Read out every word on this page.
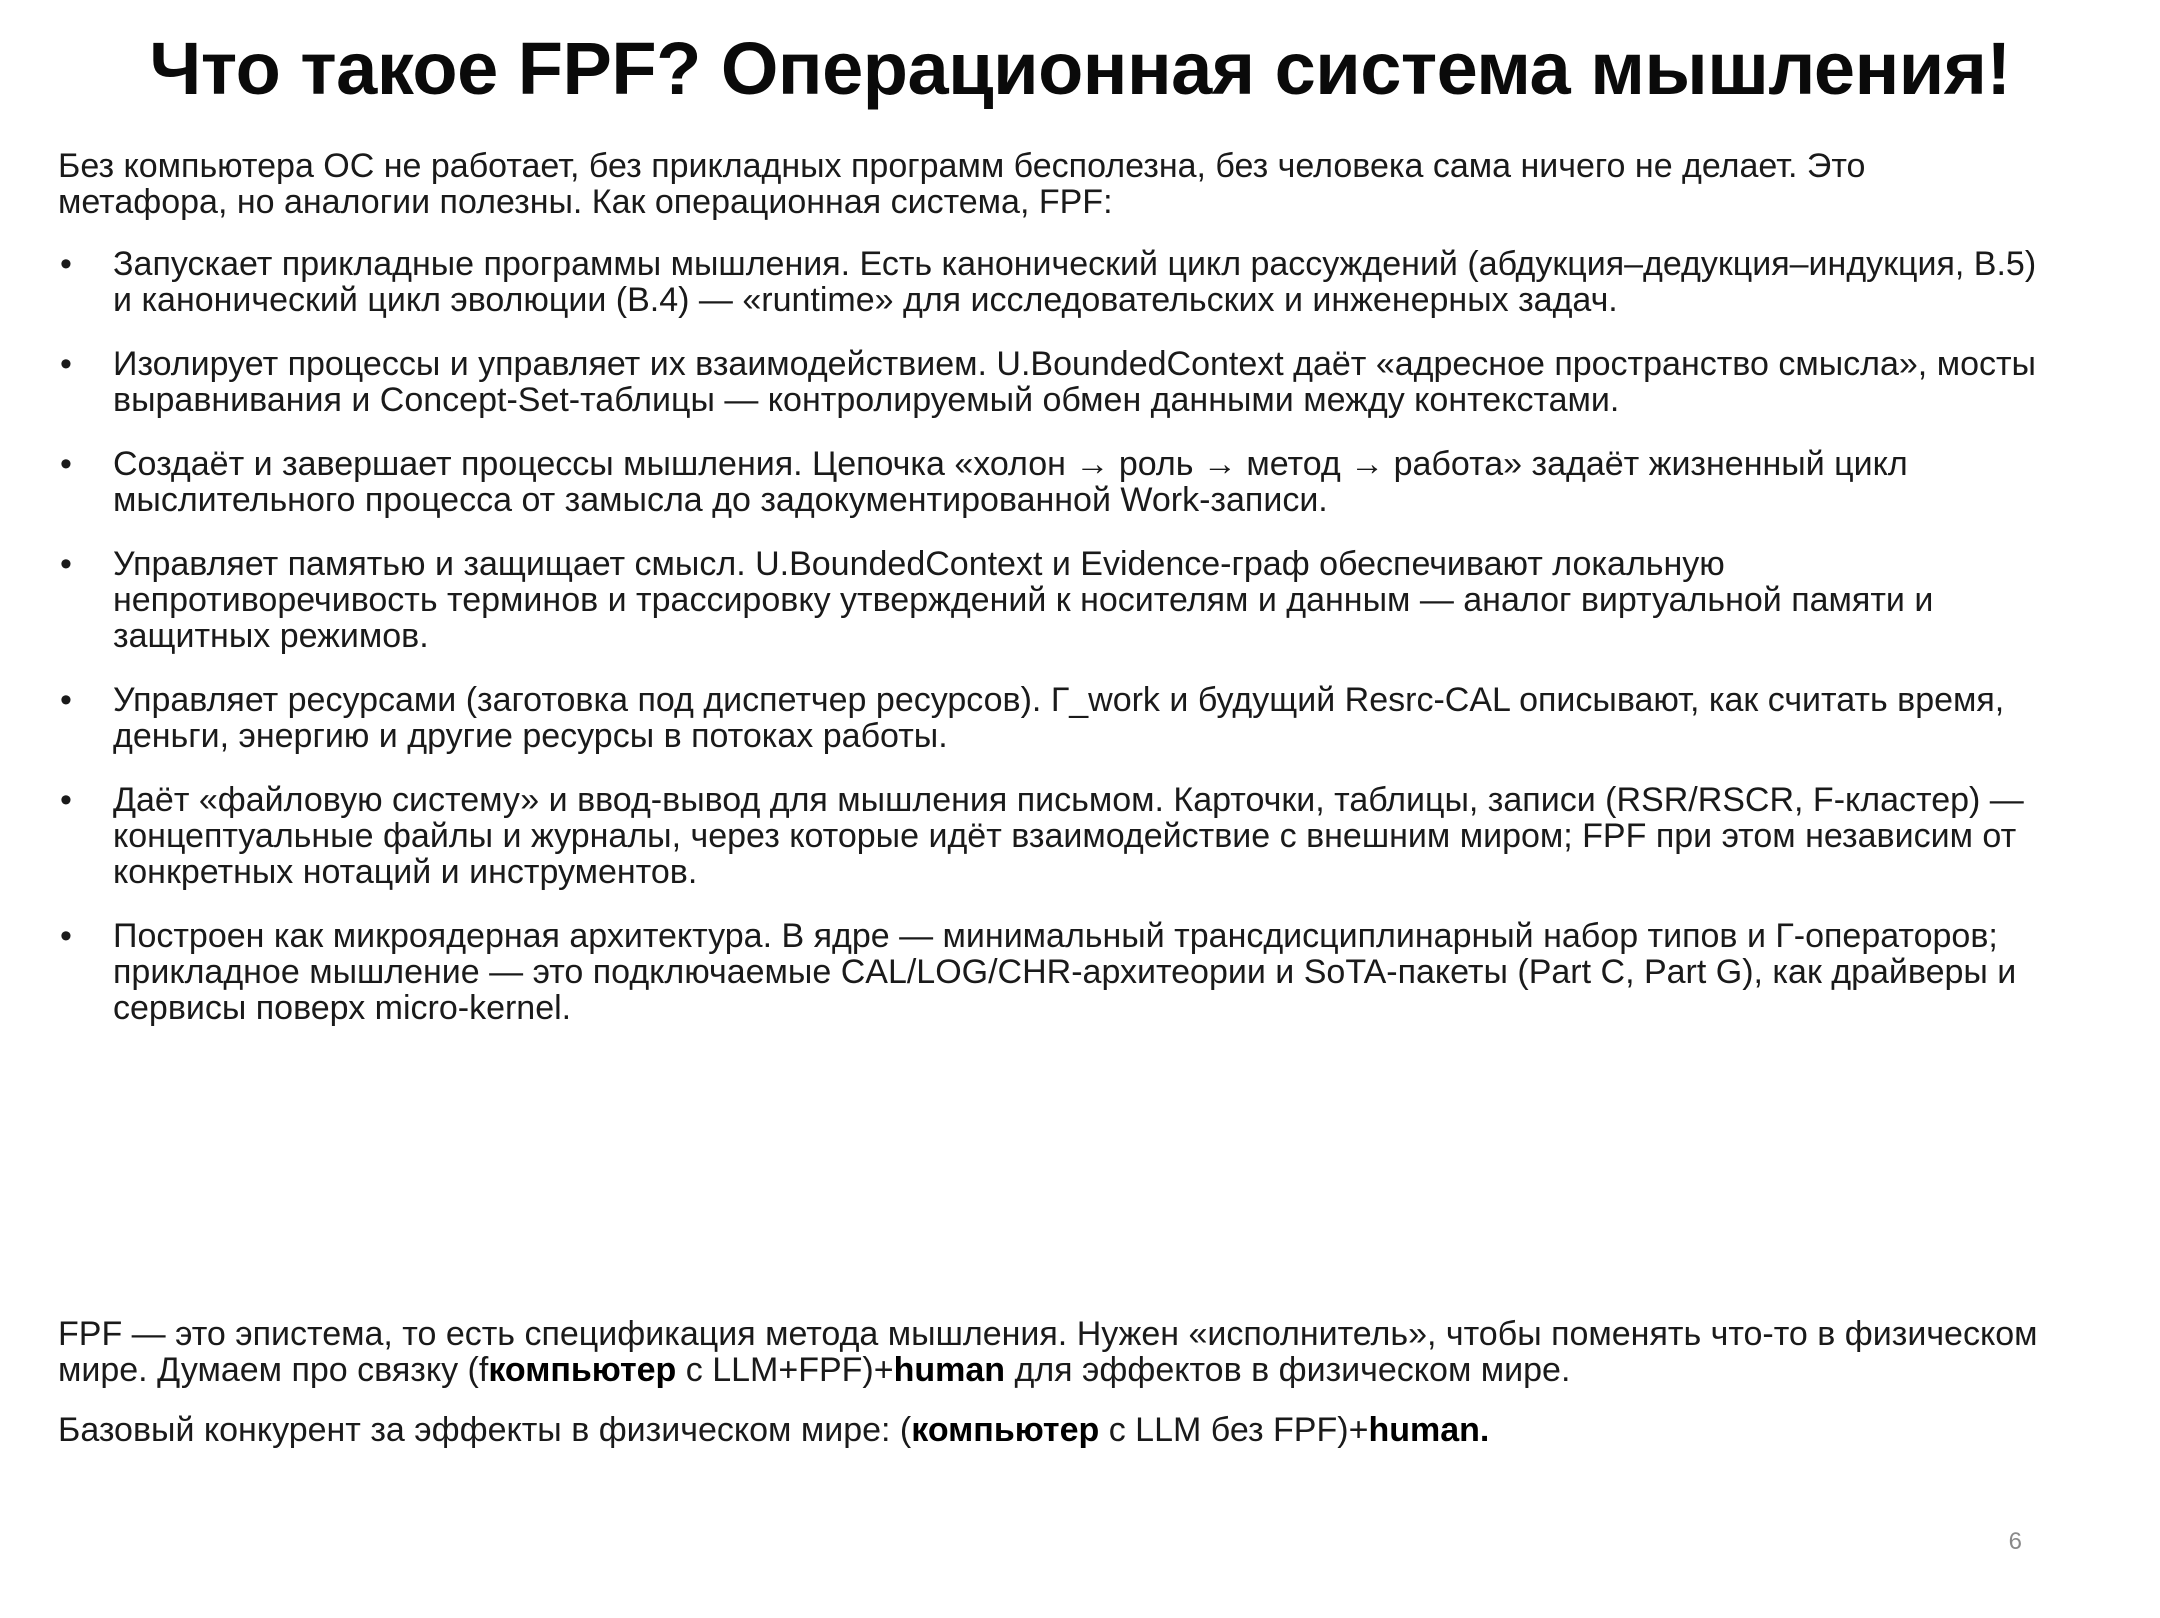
Что такое FPF? Операционная система мышления!
Без компьютера ОС не работает, без прикладных программ бесполезна, без человека сама ничего не делает. Это метафора, но аналогии полезны. Как операционная система, FPF:
• Запускает прикладные программы мышления. Есть канонический цикл рассуждений (абдукция–дедукция–индукция, B.5) и канонический цикл эволюции (B.4) — «runtime» для исследовательских и инженерных задач.
• Изолирует процессы и управляет их взаимодействием. U.BoundedContext даёт «адресное пространство смысла», мосты выравнивания и Concept-Set-таблицы — контролируемый обмен данными между контекстами.
• Создаёт и завершает процессы мышления. Цепочка «холон → роль → метод → работа» задаёт жизненный цикл мыслительного процесса от замысла до задокументированной Work-записи.
• Управляет памятью и защищает смысл. U.BoundedContext и Evidence-граф обеспечивают локальную непротиворечивость терминов и трассировку утверждений к носителям и данным — аналог виртуальной памяти и защитных режимов.
• Управляет ресурсами (заготовка под диспетчер ресурсов). Г_work и будущий Resrc-CAL описывают, как считать время, деньги, энергию и другие ресурсы в потоках работы.
• Даёт «файловую систему» и ввод-вывод для мышления письмом. Карточки, таблицы, записи (RSR/RSCR, F-кластер) — концептуальные файлы и журналы, через которые идёт взаимодействие с внешним миром; FPF при этом независим от конкретных нотаций и инструментов.
• Построен как микроядерная архитектура. В ядре — минимальный трансдисциплинарный набор типов и Г-операторов; прикладное мышление — это подключаемые CAL/LOG/CHR-архитеории и SoTA-пакеты (Part C, Part G), как драйверы и сервисы поверх micro-kernel.

FPF — это эпистема, то есть спецификация метода мышления. Нужен «исполнитель», чтобы поменять что-то в физическом мире. Думаем про связку (fкомпьютер с LLM+FPF)+human для эффектов в физическом мире.

Базовый конкурент за эффекты в физическом мире: (компьютер с LLM без FPF)+human.

6
